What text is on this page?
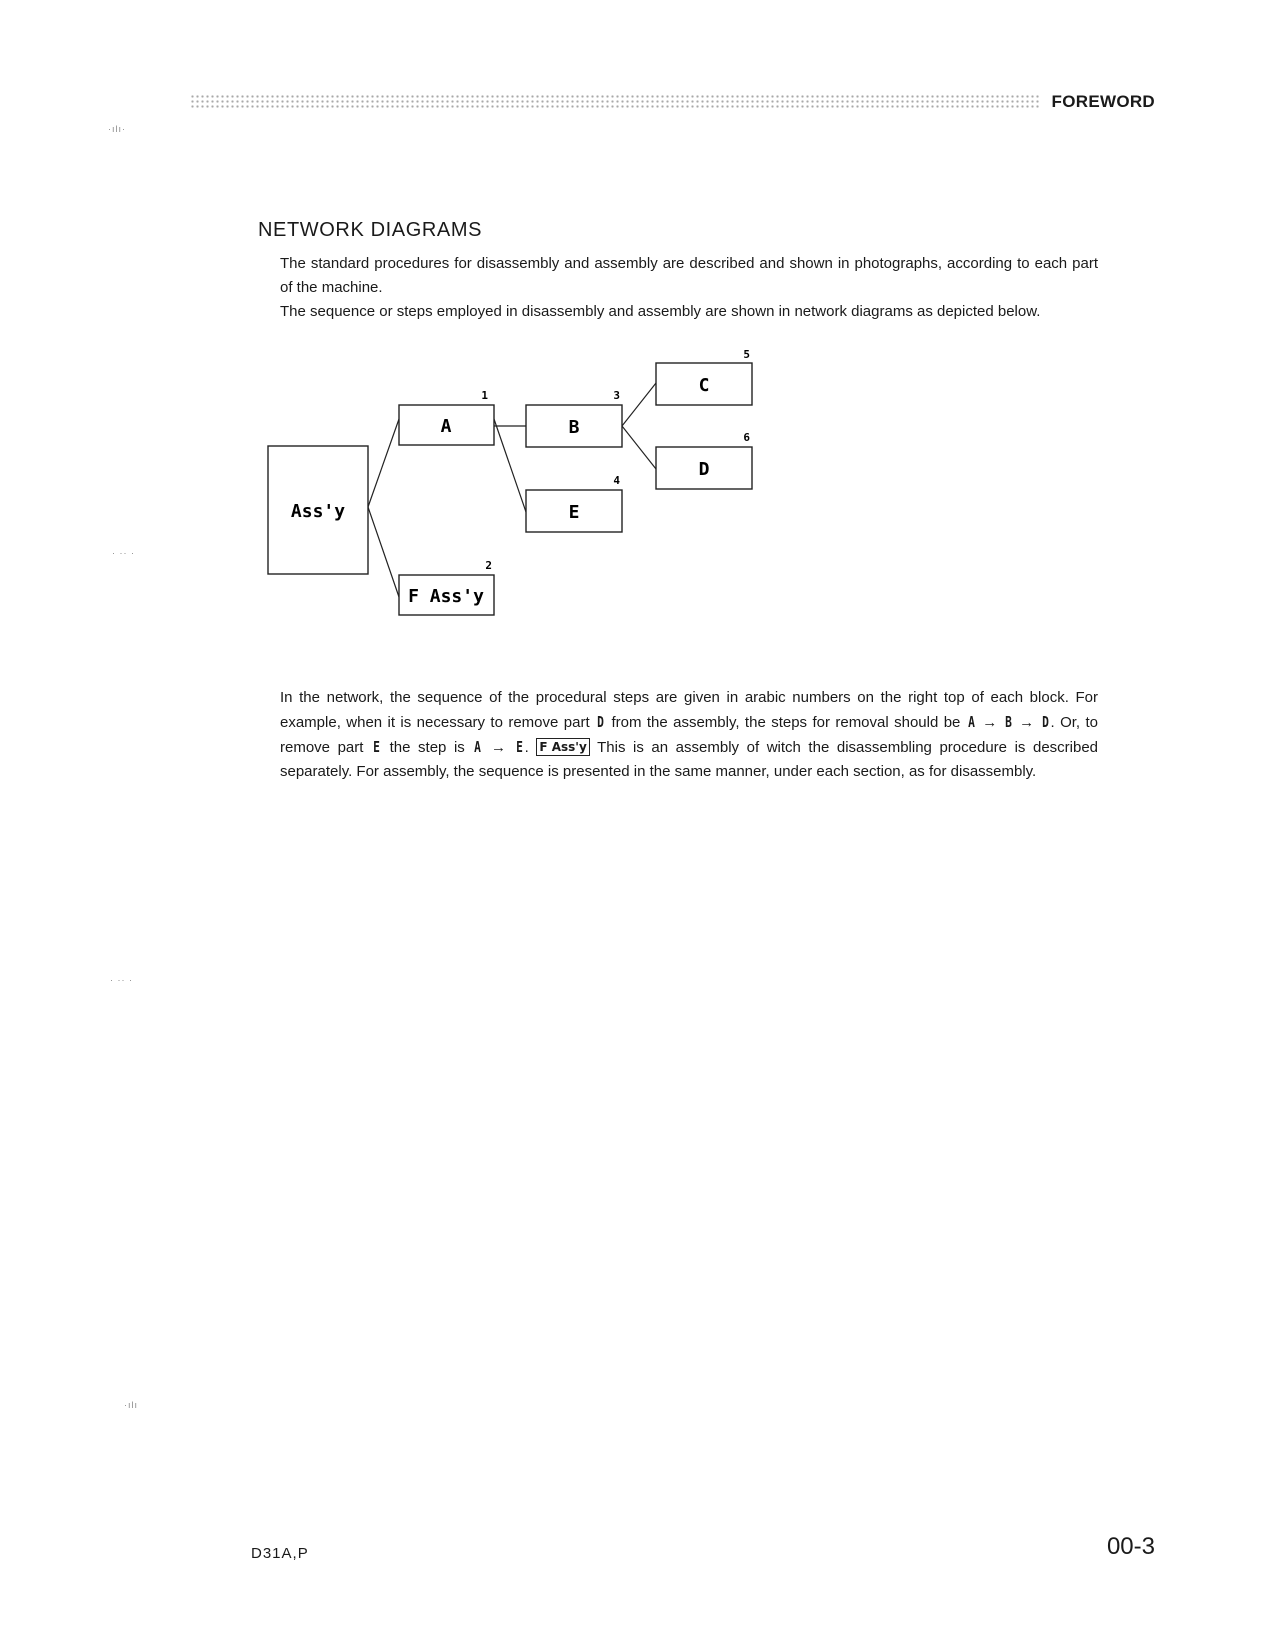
FOREWORD
·ılı·
· ·· ·
· ·· ·
·ılı
NETWORK DIAGRAMS

The standard procedures for disassembly and assembly are described and shown in photographs, according to each part of the machine.

The sequence or steps employed in disassembly and assembly are shown in network diagrams as depicted below.

Ass'y
A
1
F Ass'y
2
B
3
E
4
C
5
D
6

In the network, the sequence of the procedural steps are given in arabic numbers on the right top of each block. For example, when it is necessary to remove part D from the assembly, the steps for removal should be A → B → D . Or, to remove part E the step is A → E . F Ass'y This is an assembly of witch the disassembling procedure is described separately. For assembly, the sequence is presented in the same manner, under each section, as for disassembly.

D31A,P	00-3
